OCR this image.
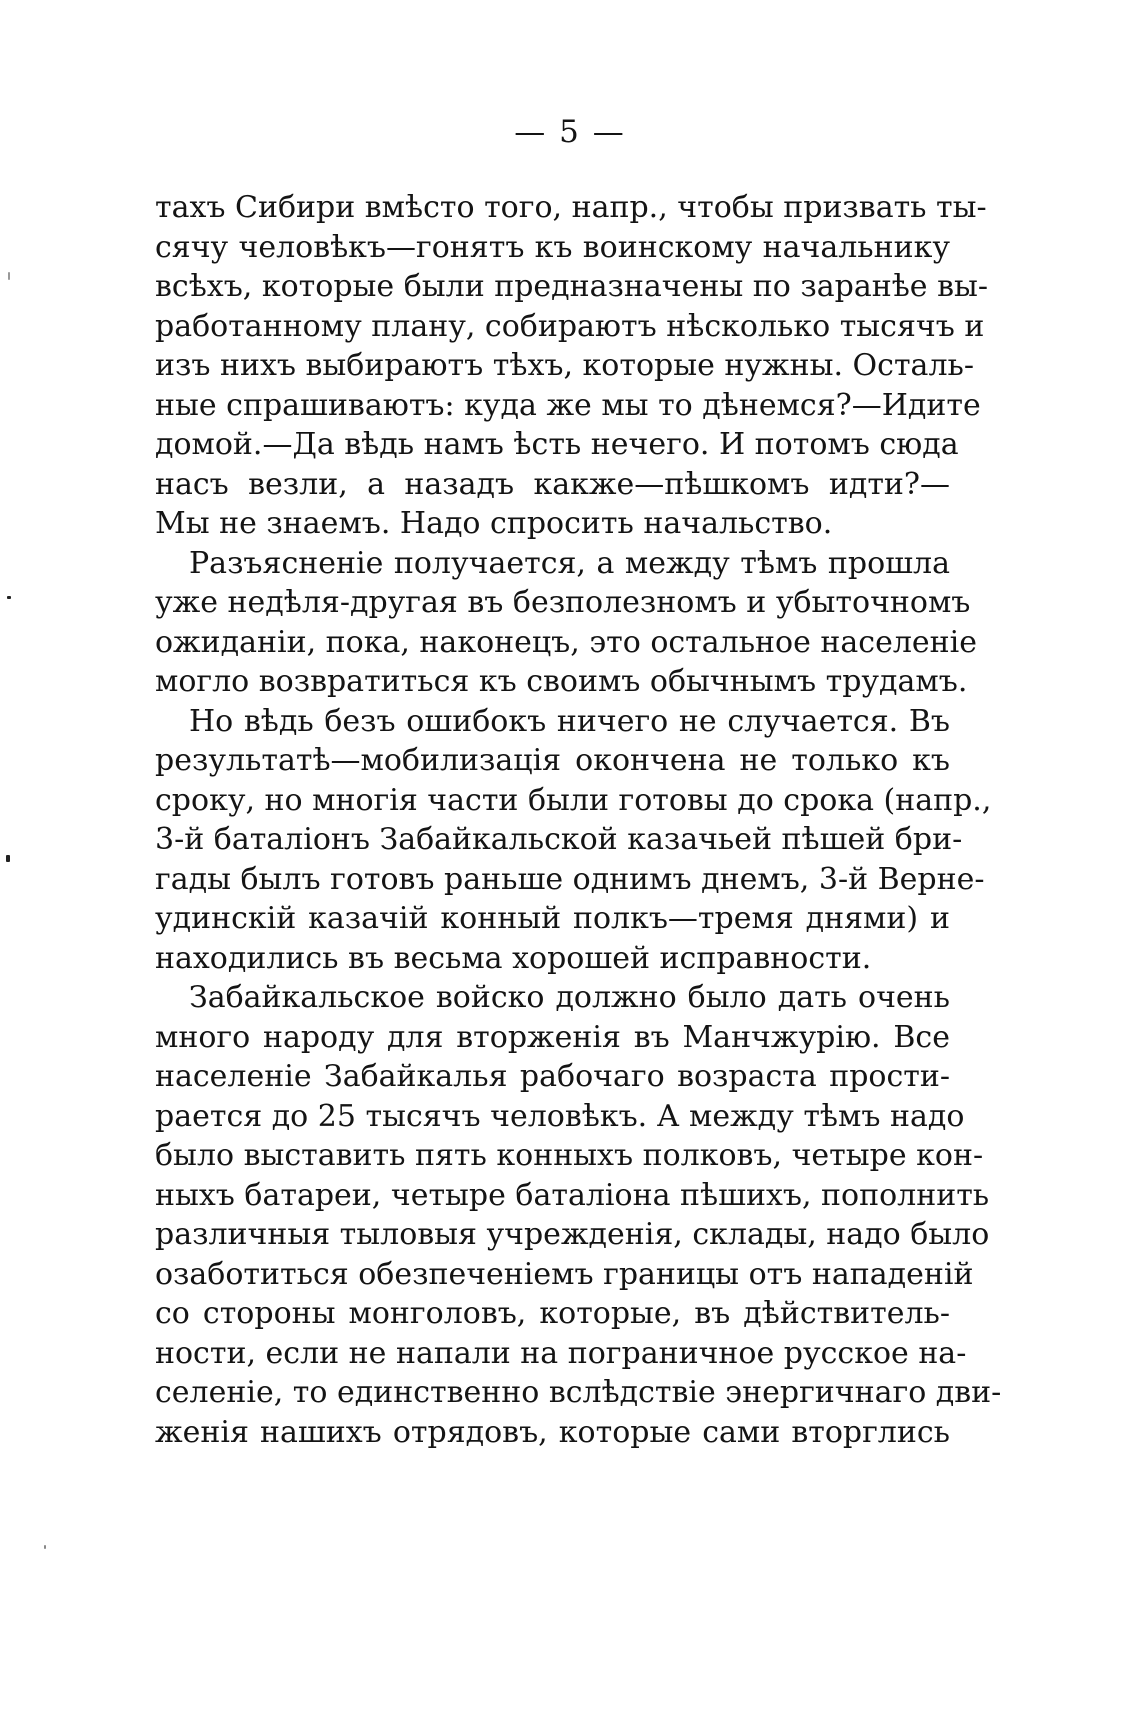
— 5 —
тахъ Сибири вмѣсто того, напр., чтобы призвать ты-
сячу человѣкъ—гонятъ къ воинскому начальнику
всѣхъ, которые были предназначены по заранѣе вы-
работанному плану, собираютъ нѣсколько тысячъ и
изъ нихъ выбираютъ тѣхъ, которые нужны. Осталь-
ные спрашиваютъ: куда же мы то дѣнемся?—Идите
домой.—Да вѣдь намъ ѣсть нечего. И потомъ сюда
насъ везли, а назадъ какже—пѣшкомъ идти?—
Мы не знаемъ. Надо спросить начальство.
Разъясненіе получается, а между тѣмъ прошла
уже недѣля-другая въ безполезномъ и убыточномъ
ожиданіи, пока, наконецъ, это остальное населеніе
могло возвратиться къ своимъ обычнымъ трудамъ.
Но вѣдь безъ ошибокъ ничего не случается. Въ
результатѣ—мобилизація окончена не только къ
сроку, но многія части были готовы до срока (напр.,
3-й баталіонъ Забайкальской казачьей пѣшей бри-
гады былъ готовъ раньше однимъ днемъ, 3-й Верне-
удинскій казачій конный полкъ—тремя днями) и
находились въ весьма хорошей исправности.
Забайкальское войско должно было дать очень
много народу для вторженія въ Манчжурію. Все
населеніе Забайкалья рабочаго возраста прости-
рается до 25 тысячъ человѣкъ. А между тѣмъ надо
было выставить пять конныхъ полковъ, четыре кон-
ныхъ батареи, четыре баталіона пѣшихъ, пополнить
различныя тыловыя учрежденія, склады, надо было
озаботиться обезпеченіемъ границы отъ нападеній
со стороны монголовъ, которые, въ дѣйствитель-
ности, если не напали на пограничное русское на-
селеніе, то единственно вслѣдствіе энергичнаго дви-
женія нашихъ отрядовъ, которые сами вторглись
